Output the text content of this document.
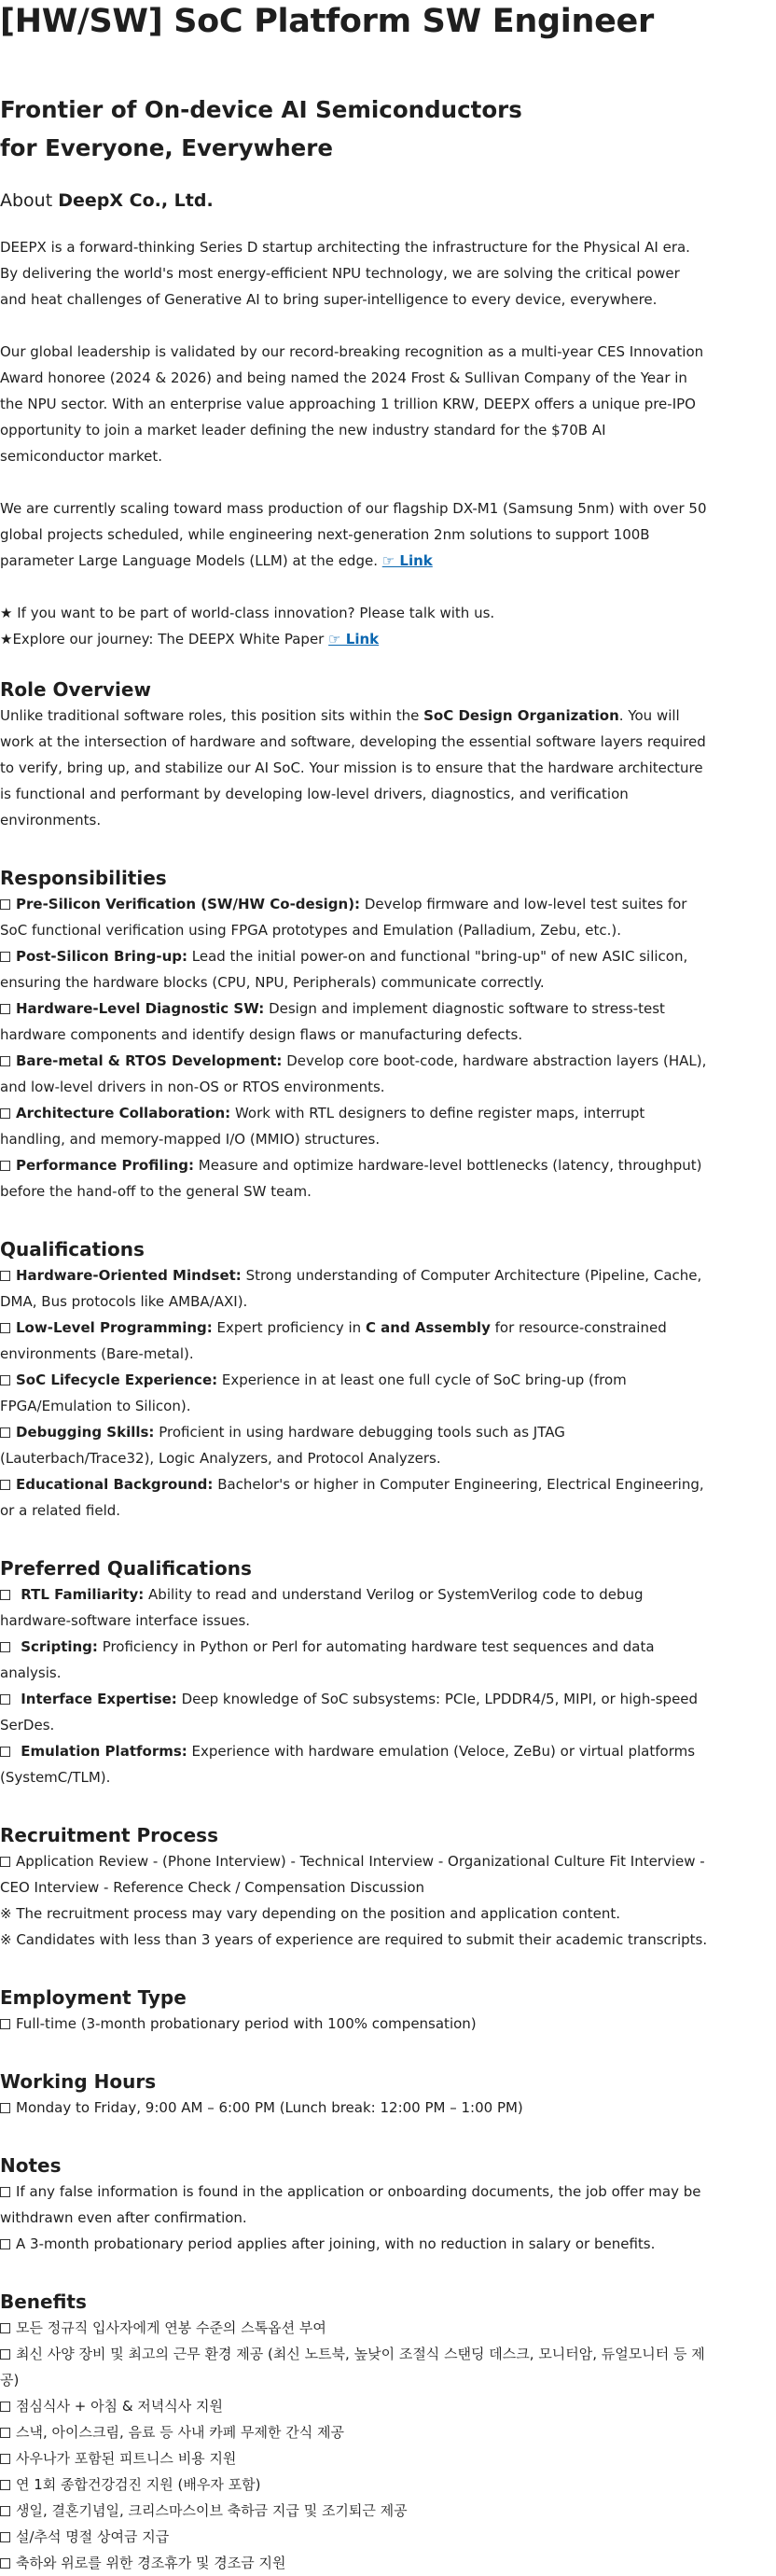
[HW/SW] SoC Platform SW Engineer
Frontier of On-device AI Semiconductors
for Everyone, Everywhere
About DeepX Co., Ltd.

DEEPX is a forward-thinking Series D startup architecting the infrastructure for the Physical AI era. By delivering the world's most energy-efficient NPU technology, we are solving the critical power and heat challenges of Generative AI to bring super-intelligence to every device, everywhere.

Our global leadership is validated by our record-breaking recognition as a multi-year CES Innovation Award honoree (2024 & 2026) and being named the 2024 Frost & Sullivan Company of the Year in the NPU sector. With an enterprise value approaching 1 trillion KRW, DEEPX offers a unique pre-IPO opportunity to join a market leader defining the new industry standard for the $70B AI semiconductor market.

We are currently scaling toward mass production of our flagship DX-M1 (Samsung 5nm) with over 50 global projects scheduled, while engineering next-generation 2nm solutions to support 100B parameter Large Language Models (LLM) at the edge. ☞ Link

★ If you want to be part of world-class innovation? Please talk with us.

★Explore our journey: The DEEPX White Paper ☞ Link

Role Overview

Unlike traditional software roles, this position sits within the SoC Design Organization. You will work at the intersection of hardware and software, developing the essential software layers required to verify, bring up, and stabilize our AI SoC. Your mission is to ensure that the hardware architecture is functional and performant by developing low-level drivers, diagnostics, and verification environments.

Responsibilities

Pre-Silicon Verification (SW/HW Co-design): Develop firmware and low-level test suites for SoC functional verification using FPGA prototypes and Emulation (Palladium, Zebu, etc.).

Post-Silicon Bring-up: Lead the initial power-on and functional "bring-up" of new ASIC silicon, ensuring the hardware blocks (CPU, NPU, Peripherals) communicate correctly.

Hardware-Level Diagnostic SW: Design and implement diagnostic software to stress-test hardware components and identify design flaws or manufacturing defects.

Bare-metal & RTOS Development: Develop core boot-code, hardware abstraction layers (HAL), and low-level drivers in non-OS or RTOS environments.

Architecture Collaboration: Work with RTL designers to define register maps, interrupt handling, and memory-mapped I/O (MMIO) structures.

Performance Profiling: Measure and optimize hardware-level bottlenecks (latency, throughput) before the hand-off to the general SW team.

Qualifications

Hardware-Oriented Mindset: Strong understanding of Computer Architecture (Pipeline, Cache, DMA, Bus protocols like AMBA/AXI).

Low-Level Programming: Expert proficiency in C and Assembly for resource-constrained environments (Bare-metal).

SoC Lifecycle Experience: Experience in at least one full cycle of SoC bring-up (from FPGA/Emulation to Silicon).

Debugging Skills: Proficient in using hardware debugging tools such as JTAG (Lauterbach/Trace32), Logic Analyzers, and Protocol Analyzers.

Educational Background: Bachelor's or higher in Computer Engineering, Electrical Engineering, or a related field.

Preferred Qualifications

RTL Familiarity: Ability to read and understand Verilog or SystemVerilog code to debug hardware-software interface issues.

Scripting: Proficiency in Python or Perl for automating hardware test sequences and data analysis.

Interface Expertise: Deep knowledge of SoC subsystems: PCIe, LPDDR4/5, MIPI, or high-speed SerDes.

Emulation Platforms: Experience with hardware emulation (Veloce, ZeBu) or virtual platforms (SystemC/TLM).

Recruitment Process

Application Review - (Phone Interview) - Technical Interview - Organizational Culture Fit Interview - CEO Interview - Reference Check / Compensation Discussion

※ The recruitment process may vary depending on the position and application content.

※ Candidates with less than 3 years of experience are required to submit their academic transcripts.

Employment Type

Full-time (3-month probationary period with 100% compensation)

Working Hours

Monday to Friday, 9:00 AM – 6:00 PM (Lunch break: 12:00 PM – 1:00 PM)

Notes

If any false information is found in the application or onboarding documents, the job offer may be withdrawn even after confirmation.

A 3-month probationary period applies after joining, with no reduction in salary or benefits.

Benefits

모든 정규직 입사자에게 연봉 수준의 스톡옵션 부여

최신 사양 장비 및 최고의 근무 환경 제공 (최신 노트북, 높낮이 조절식 스탠딩 데스크, 모니터암, 듀얼모니터 등 제공)

점심식사 + 아침 & 저녁식사 지원

스낵, 아이스크림, 음료 등 사내 카페 무제한 간식 제공

사우나가 포함된 피트니스 비용 지원

연 1회 종합건강검진 지원 (배우자 포함)

생일, 결혼기념일, 크리스마스이브 축하금 지급 및 조기퇴근 제공

설/추석 명절 상여금 지급

축하와 위로를 위한 경조휴가 및 경조금 지원
